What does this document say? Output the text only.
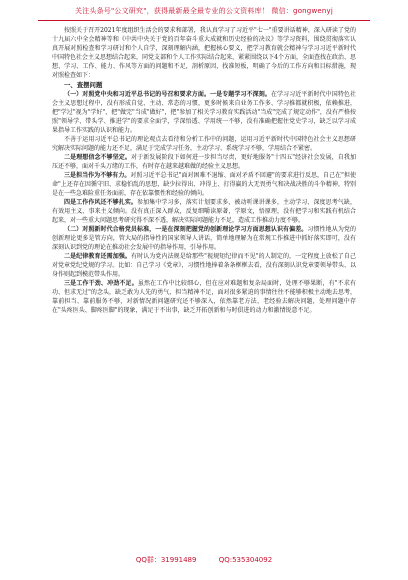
关注头条号"公文研究"，获得最新最全最专业的公文资料库！ 微信：gongwenyj

按照关于召开2021年度组织生活会的要求和部署，我认真学习了习近平"七一"重要讲话精神，深入研读了党的十九届六中全会精神等和《中共中央关于党的百年奋斗重大成就和历史经验的决议》等学习资料，围绕贯彻落实认真开展对照检查和学习研讨和个人自学，深刻理解内涵，把握核心要义，把学习教育就会精神与学习习近平新时代中国特色社会主义思想结合起来，同党支部和个人工作实际结合起来，紧紧围绕以下4个方面，全面查找在政治、思想、学习、工作、能力、作风等方面的问题和不足，剖析原因，找准短板，明确了今后的工作方向和目标措施，现对照检查如下：

一、查摆问题

（一）对照党中央和习近平总书记的号召和要求方面。一是专题学习不深刻。在学习习近平新时代中国特色社会主义思想过程中，没有形成自觉、主动、常态的习惯，更多时候来自业务工作多、学习推都就积极，依赖推进，把"学过"视为"学好"，把"做完"当成"做好"，把"参加了相关学习教育实践活动"当成"完成了规定动作"，没有严格按照"领导学、带头学、推进学"的要求全面学，学深悟透、学用统一不够，没有准确把握住党史学习，缺乏以学习成果指导工作实践的认识和能力。

不善于运用习近平总书记的理论观点去看待和分析工作中的问题，运用习近平新时代中国特色社会主义思想研究解决实际问题的能力还不足，满足于完成学习任务，主动学习、系统学习不够，学用结合不紧密。

二是理想信念不够坚定。对于新发展阶段下如何进一步担当尽责，更好地服务"十四五"经济社会发展，自我加压还不够，面对千头万绪的工作，有时存在越来越难做的经验主义思想。

三是担当作为不够有力。对照习近平总书记"面对困难不退缩、面对矛盾不回避"的要求进行反思，自己在"担使命"上还存在因循守旧、求稳怕乱的思想，缺少拉得出、冲得上、打得赢的大无畏勇气和决战决胜的斗争精神，特别是在一些急难险重任务面前，存在依靠惯性和经验的倾向。

四是工作作风还不够扎实。参加集中学习多，落实计划要求多，被动听课讲课多，主动学习、深度思考气缺，有效用主义、事来主义倾向。没有真正深入群众，反复细嚼读原著，学原文，悟原理，没有把学习和实践有机结合起来，对一些重大问题思考研究得不深不透，解决实际问题能力不足，造成工作推动力度不够。

（二）对照新时代合格党员标准，一是在深刻把握党的创新理论学习方面思想认识有偏差。习惯性地从为党的创新理论更多是管方向，管大局的指导性的国家领导人讲话，简单地理解为在常规工作推进中抓好落实即可，没有深刻认识到党的理论在推动社会发展中的指导作用，引导作用。

二是纪律教育还需加强。有时认为党内法规是给那些"视规矩纪律而不见"的人制定的，一定程度上放松了自己对党章党纪党规的学习。比如：自己学习《党章》，习惯性地捧着条条框框去看，没有深刻认识党章要领导带头、以身作则起到模范带头作用。

三是工作干劲、冲劲不足。虽然在工作中比较细心，但在应对难题和复杂局面时，处理不够果断，有"不求有功、但求无过"的念头，缺乏敢为人先的勇气，担当精神不足，面对很多紧迫的事情往往不能够积极主动地去思考，靠前担当、靠前服务不够，对新情况新问题研究还不够深入，依然靠老方法、老经验去解决问题，处理问题中存在"头疼医头、脚疼医脚"的现象，满足于不出事，缺乏开拓创新和与时俱进的动力和激情锐意不足。

QQ群：31991489	QQ:535304092
